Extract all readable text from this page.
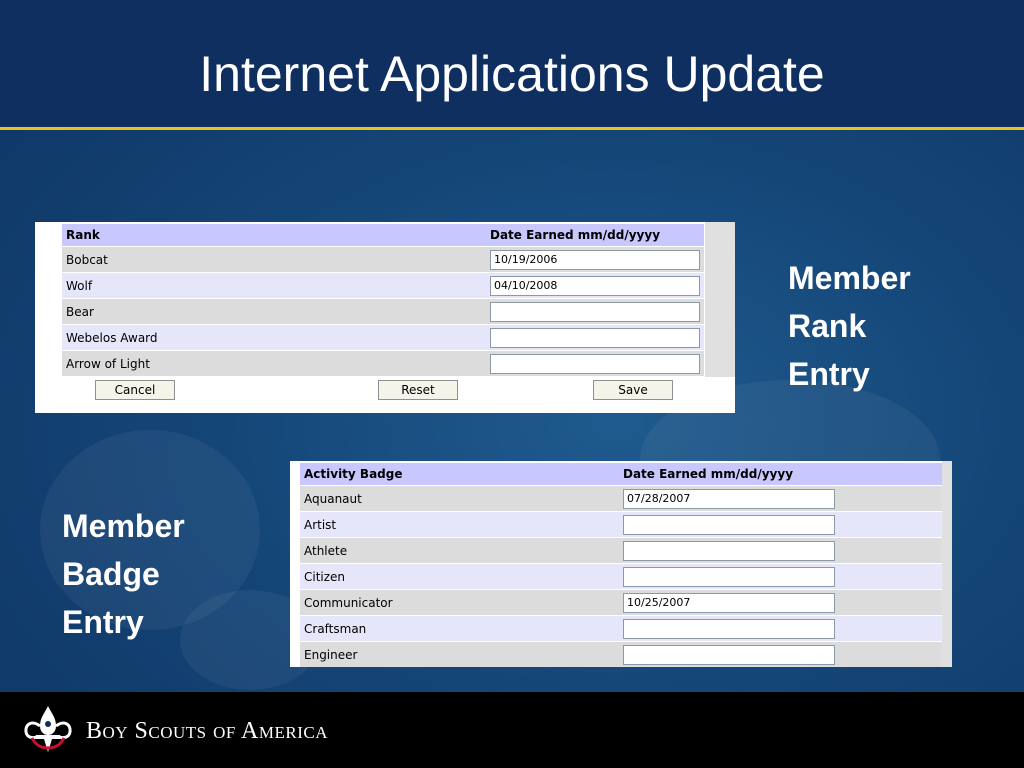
Internet Applications Update
Rank	Date Earned mm/dd/yyyy
Bobcat	10/19/2006
Wolf	04/10/2008
Bear	
Webelos Award	
Arrow of Light	
Cancel	Reset	Save
Member
Rank
Entry
Activity Badge	Date Earned mm/dd/yyyy
Aquanaut	07/28/2007
Artist	
Athlete	
Citizen	
Communicator	10/25/2007
Craftsman	
Engineer	
Member
Badge
Entry
Boy Scouts of America
